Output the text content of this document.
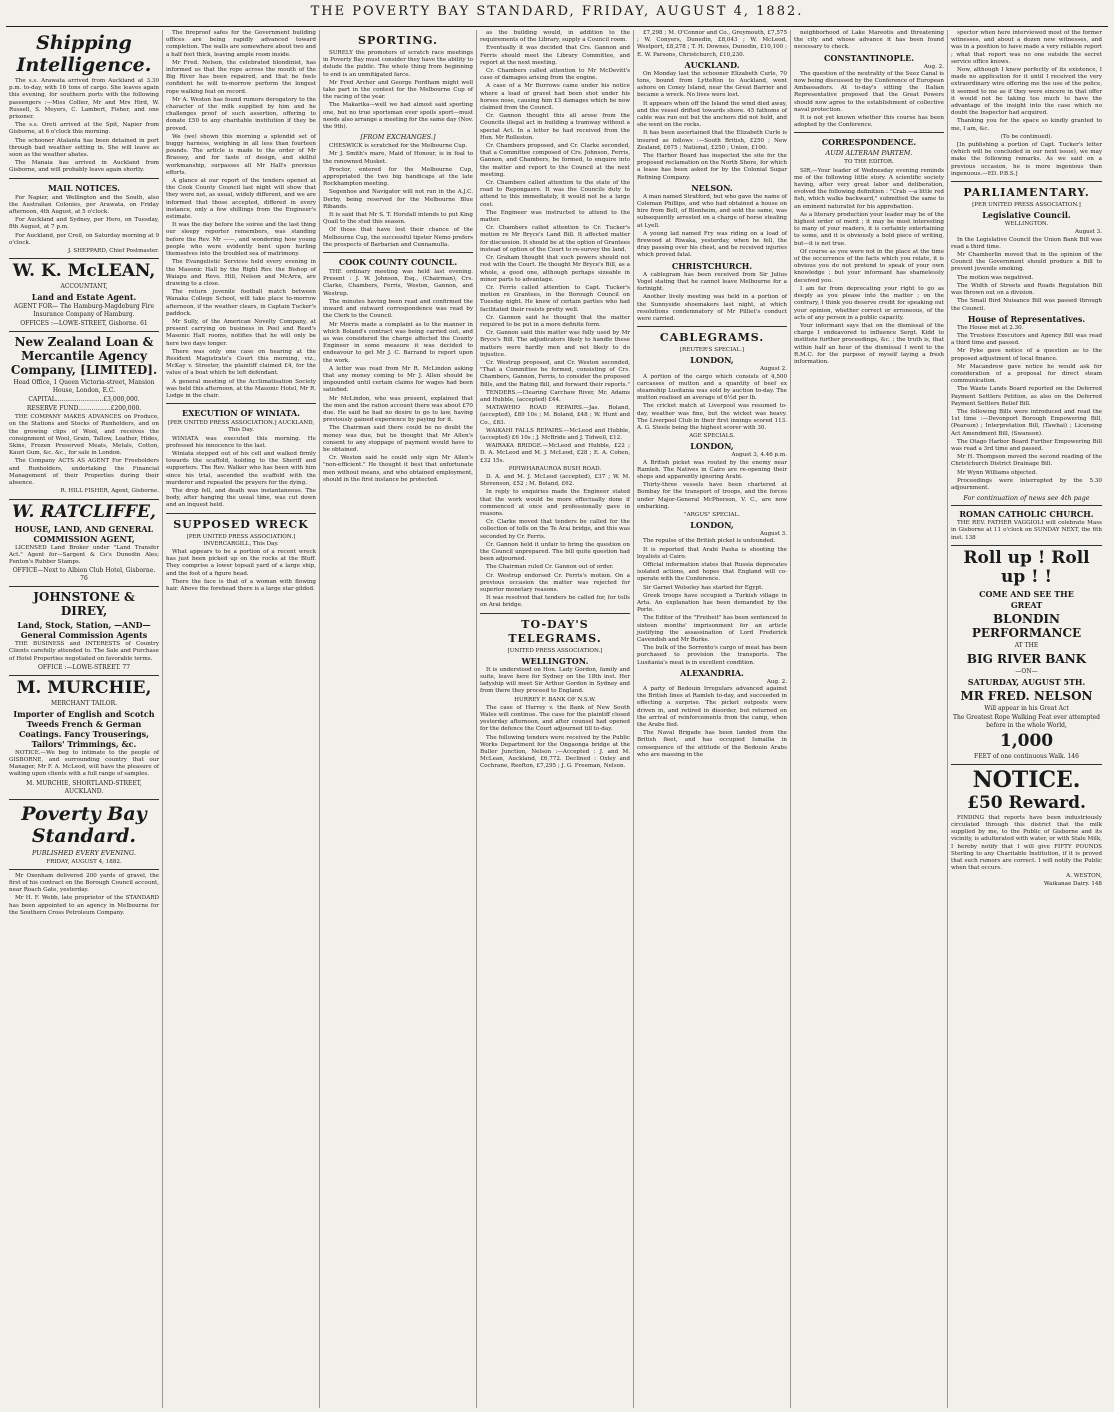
THE POVERTY BAY STANDARD, FRIDAY, AUGUST 4, 1882.
Shipping Intelligence.

The s.s. Arawata arrived from Auckland at 3.30 p.m. to-day, with 16 tons of cargo. She leaves again this evening, for southern ports with the following passengers :—Miss Collier, Mr and Mrs Hird, W. Russell, S. Meyers, C. Lambert, Fisher, and one prisoner.

The s.s. Oreti arrived at the Spit, Napier from Gisborne, at 6 o'clock this morning.

The schooner Atalanta has been detained in port through bad weather setting in. She will leave as soon as the weather abates.

The Manaia has arrived in Auckland from Gisborne, and will probably leave again shortly.

MAIL NOTICES.

For Napier, and Wellington and the South, also the Australian Colonies, per Arawata, on Friday afternoon, 4th August, at 5 o'clock.

For Auckland and Sydney, per Hero, on Tuesday, 8th August, at 7 p.m.

For Auckland, per Creil, on Saturday morning at 9 o'clock.

J. SHEPPARD, Chief Postmaster.
W. K. McLEAN,
ACCOUNTANT,
Land and Estate Agent.
AGENT FOR— The Hamburg-Magdeburg Fire Insurance Company of Hamburg.
OFFICES :—LOWE-STREET, Gisborne. 61
New Zealand Loan & Mercantile Agency Company, [LIMITED].
Head Office, 1 Queen Victoria-street, Mansion House, London, E.C.
CAPITAL.........................£3,000,000.
RESERVE FUND.................£200,000.

THE COMPANY MAKES ADVANCES on Produce, on the Stations and Stocks of Runholders, and on the growing clips of Wool, and receives the consignment of Wool, Grain, Tallow, Leather, Hides, Skins, Frozen Preserved Meats, Metals, Cotton, Kauri Gum, &c. &c., for sale in London.

The Company ACTS AS AGENT For Freeholders and Runholders, undertaking the Financial Management of their Properties during their absence.

R. HILL FISHER, Agent, Gisborne.
W. RATCLIFFE,
HOUSE, LAND, AND GENERAL COMMISSION AGENT,

LICENSED Land Broker under "Land Transfer Act." Agent for—Sargent & Co's Dunedin Ales; Fenton's Rubber Stamps.

OFFICE—Next to Albion Club Hotel, Gisborne. 76
JOHNSTONE & DIREY,
Land, Stock, Station, —AND— General Commission Agents

THE BUSINESS and INTERESTS of Country Clients carefully attended to. The Sale and Purchase of Hotel Properties negotiated on favorable terms.

OFFICE :—LOWE-STREET. 77
M. MURCHIE,
MERCHANT TAILOR.
Importer of English and Scotch Tweeds French & German Coatings. Fancy Trouserings, Tailors' Trimmings, &c.

NOTICE.—We beg to intimate to the people of GISBORNE, and surrounding country that our Manager, Mr F. A. McLeod, will have the pleasure of waiting upon clients with a full range of samples.

M. MURCHIE, SHORTLAND-STREET, AUCKLAND.
Poverty Bay Standard.
PUBLISHED EVERY EVENING.
FRIDAY, AUGUST 4, 1882.

Mr Oxenham delivered 200 yards of gravel, the first of his contract on the Borough Council account, near Roach Gate, yesterday.

Mr H. F. Webb, late proprietor of the STANDARD has been appointed to an agency in Melbourne for the Southern Cross Petroleum Company.

The fireproof safes for the Government building offices are being rapidly advanced toward completion. The walls are somewhere about two and a half feet thick, leaving ample room inside.

Mr Fred. Nelson, the celebrated blondinist, has informed us that the rope across the mouth of the Big River has been repaired, and that he feels confident he will to-morrow perform the longest rope walking feat on record.

Mr A. Weston has found rumors derogatory to the character of the milk supplied by him and he challenges proof of such assertion, offering to donate £50 to any charitable institution if they be proved.

We (we) shown this morning a splendid set of buggy harness, weighing in all less than fourteen pounds. The article is made to the order of Mr Brassey, and for taste of design, and skilful workmanship, surpasses all Mr Hall's previous efforts.

A glance at our report of the tenders opened at the Cook County Council last night will show that they were not, as usual, widely different, and we are informed that those accepted, differed in every instance, only a few shillings from the Engineer's estimate.

It was the day before the soiree and the last thing our sleepy reporter remembers, was standing before the Rev. Mr ——, and wondering how young people who were evidently bent upon hurling themselves into the troubled sea of matrimony.

The Evangelistic Services held every evening in the Masonic Hall by the Right Rev. the Bishop of Waiapu and Revs. Hill, Nelson and McArra, are drawing to a close.

The return juvenile football match between Wanaka College School, will take place to-morrow afternoon, if the weather clears, in Captain Tucker's paddock.

Mr Sully, of the American Novelty Company, at present carrying on business in Peel and Reed's Masonic Hall rooms, notifies that he will only be here two days longer.

There was only one case on hearing at the Resident Magistrate's Court this morning, viz., McKay v. Streeter, the plaintiff claimed £4, for the value of a boat which he left defendant.

A general meeting of the Acclimatisation Society was held this afternoon, at the Masonic Hotel, Mr R. Lodge in the chair.

EXECUTION OF WINIATA.
[PER UNITED PRESS ASSOCIATION.] AUCKLAND, This Day.

WINIATA was executed this morning. He professed his innocence to the last.

Winiata stepped out of his cell and walked firmly towards the scaffold, holding to the Sheriff and supporters. The Rev. Walker who has been with him since his trial, ascended the scaffold with the murderer and repeated the prayers for the dying.

The drop fell, and death was instantaneous. The body, after hanging the usual time, was cut down and an inquest held.

SUPPOSED WRECK
[PER UNITED PRESS ASSOCIATION.] INVERCARGILL, This Day.

What appears to be a portion of a recent wreck has just been picked up on the rocks at the Bluff. They comprise a lower topsail yard of a large ship, and the foot of a figure head.

There the face is that of a woman with flowing hair. Above the forehead there is a large star gilded.

SPORTING.

SURELY the promoters of scratch race meetings in Poverty Bay must consider they have the ability to delude the public. The whole thing from beginning to end is an unmitigated farce.

Mr Fred Archer and George Fordham might well take part in the contest for the Melbourne Cup of the racing of the year.

The Makarika—well we had almost said sporting one, but no true sportsman ever spoils sport—must needs also arrange a meeting for the same day (Nov. the 9th).

[FROM EXCHANGES.]

CHESWICK is scratched for the Melbourne Cup.

Mr J. Smith's mare, Maid of Honour, is in foal to the renowned Musket.

Proctor, entered for the Melbourne Cup, appropriated the two big handicaps at the late Rockhampton meeting.

Segenhoe and Navigator will not run in the A.J.C. Derby, being reserved for the Melbourne Blue Ribands.

It is said that Mr S. T. Horsfall intends to put King Quail to the stud this season.

Of those that have lost their chance of the Melbourne Cup, the successful tipster Nemo prefers the prospects of Barbarian and Cunnamulla.

COOK COUNTY COUNCIL.

THE ordinary meeting was held last evening. Present : J. W. Johnson, Esq., (Chairman), Crs. Clarke, Chambers, Ferris, Weston, Gannon, and Westrup.

The minutes having been read and confirmed the inward and outward correspondence was read by the Clerk to the Council.

Mr Morris made a complaint as to the manner in which Boland's contract was being carried out, and as was considered the charge affected the County Engineer in some measure it was decided to endeavour to get Mr J. C. Barrand to report upon the work.

A letter was read from Mr R. McLindon asking that any money coming to Mr J. Allen should be impounded until certain claims for wages had been satisfied.

Mr McLindon, who was present, explained that the men and the ration account there was about £70 due. He said he had no desire to go to law, having previously gained experience by paying for it.

The Chairman said there could be no doubt the money was due, but he thought that Mr Allen's consent to any stoppage of payment would have to be obtained.

Cr. Weston said he could only sign Mr Allen's "non-efficient." He thought it best that unfortunate men without means, and who obtained employment, should in the first instance be protected.

as the building would, in addition to the requirements of the Library, supply a Council room.

Eventually it was decided that Crs. Gannon and Ferris should meet the Library Committee, and report at the next meeting.

Cr. Chambers called attention to Mr McDevitt's case of damages arising from the engine.

A case of a Mr Burrows came under his notice where a load of gravel had been shot under his horses nose, causing him £3 damages which he now claimed from the Council.

Cr. Gannon thought this all arose from the Councils illegal act in building a tramway without a special Act. In a letter he had received from the Hon. Mr Rolleston.

Cr. Chambers proposed, and Cr. Clarke seconded, that a Committee composed of Crs. Johnson, Ferris, Gannon, and Chambers, be formed, to enquire into the matter and report to the Council at the next meeting.

Cr. Chambers called attention to the state of the road to Repongaere. It was the Councils duty to attend to this immediately, it would not be a large cost.

The Engineer was instructed to attend to the matter.

Cr. Chambers called attention to Cr. Tucker's motion re Mr Bryce's Land Bill. It affected matter for discussion. It should be at the option of Grantees instead of option of the Court to re-survey the land.

Cr. Graham thought that such powers should not rest with the Court. He thought Mr Bryce's Bill, as a whole, a good one, although perhaps sizeable in minor parts to advantage.

Cr. Ferris called attention to Capt. Tucker's motion re Grantees, in the Borough Council on Tuesday night. He knew of certain parties who had facilitated their resists pretty well.

Cr. Gannon said he thought that the matter required to be put in a more definite form.

Cr. Gannon said this matter was fully used by Mr Bryce's Bill. The adjudicators likely to handle these matters were hardly men and not likely to do injustice.

Cr. Westrup proposed, and Cr. Weston seconded, "That a Committee be formed, consisting of Crs. Chambers, Gannon, Ferris, to consider the proposed Bills, and the Rating Bill, and forward their reports."

TENDERS.—Clearing Carchaw River, Mr. Adams and Hubble, (accepted) £44.

MATAWHIO ROAD REPAIRS.—Jas. Boland, (accepted), £89 10s ; M. Boland, £48 ; W. Hunt and Co., £83.

WAIKAHI FALLS REPAIRS.—McLeod and Hubble, (accepted) £6 10s ; J. McBride and J. Tidwell, £12.

WAIRAKA BRIDGE.—McLeod and Hubble, £22 ; D. A. McLeod and M. J. McLeod, £28 ; E. A. Cohen, £32 15s.

PIPIWHARAUROA BUSH ROAD.

D. A. and M. J. McLeod (accepted), £37 ; W. M. Stevenson, £52 ; M. Boland, £62.

In reply to enquiries made the Engineer stated that the work would be more effectually done if commenced at once and professionally gave in reasons.

Cr. Clarke moved that tenders be called for the collection of tolls on the Te Arai bridge, and this was seconded by Cr. Ferris.

Cr. Gannon held it unfair to bring the question on the Council unprepared. The bill quite question had been adjourned.

The Chairman ruled Cr. Gannon out of order.

Cr. Westrup endorsed Cr. Ferris's motion. On a previous occasion the matter was rejected for superior monetary reasons.

It was resolved that tenders be called for, for tolls on Arai bridge.

TO-DAY'S TELEGRAMS.
[UNITED PRESS ASSOCIATION.]
WELLINGTON.

It is understood on Hon. Lady Gordon, family and suite, leave here for Sydney on the 18th inst. Her ladyship will meet Sir Arthur Gordon in Sydney and from there they proceed to England.

HURREY F. BANK OF N.S.W.

The case of Hurrey v. the Bank of New South Wales will continue. The case for the plaintiff closed yesterday afternoon, and after counsel had opened for the defence the Court adjourned till to-day.

The following tenders were received by the Public Works Department for the Ongaonga bridge at the Buller Junction, Nelson :—Accepted : J. and M. McLean, Auckland, £6,772. Declined : Oxley and Cochrane, Reefton, £7,295 ; J. G. Freeman, Nelson.

£7,298 ; M. O'Connor and Co., Greymouth, £7,575 ; W. Conyers, Dunedin, £8,043 ; W. McLeod, Westport, £8,278 ; T. H. Downes, Dunedin, £10,100 ; E. W. Parsons, Christchurch, £10,230.

AUCKLAND.

On Monday last the schooner Elizabeth Curle, 70 tons, bound from Lyttelton to Auckland, went ashore on Coney Island, near the Great Barrier and became a wreck. No lives were lost.

It appears when off the Island the wind died away, and the vessel drifted towards shore. 45 fathoms of cable was run out but the anchors did not hold, and she went on the rocks.

It has been ascertained that the Elizabeth Curle is insured as follows :—South British, £250 ; New Zealand, £675 ; National, £250 ; Union, £100.

The Harbor Board has inspected the site for the proposed reclamation on the North Shore, for which a lease has been asked for by the Colonial Sugar Refining Company.

NELSON.

A man named Stratford, but who gave the name of Coleman Phillips, and who had obtained a house on hire from Bell, of Blenheim, and sold the same, was subsequently arrested on a charge of horse stealing at Lyell.

A young lad named Fry was riding on a load of firewood at Riwaka, yesterday, when he fell, the dray passing over his chest, and he received injuries which proved fatal.

CHRISTCHURCH.

A cablegram has been received from Sir Julius Vogel stating that he cannot leave Melbourne for a fortnight.

Another lively meeting was held in a portion of the Sunnyside shoemakers last night, at which resolutions condemnatory of Mr Pilliet's conduct were carried.

CABLEGRAMS.
[REUTER'S SPECIAL.]
LONDON,
August 2.

A portion of the cargo which consists of 4,500 carcasses of mutton and a quantity of beef ex steamship Lusitania was sold by auction to-day. The mutton realised an average of 6½d per lb.

The cricket match at Liverpool was resumed to-day, weather was fine, but the wicket was heavy. The Liverpool Club in their first innings scored 113. A. G. Steele being the highest scorer with 30.

AGE SPECIALS.
LONDON,
August 3, 4.46 p.m.

A British picket was routed by the enemy near Ramleh. The Natives in Cairo are re-opening their shops and apparently ignoring Arabi.

Thirty-three vessels have been chartered at Bombay for the transport of troops, and the forces under Major-General McPherson, V. C., are now embarking.

"ARGUS" SPECIAL.
LONDON,
August 3.

The repulse of the British picket is unfounded.

It is reported that Arabi Pasha is shooting the loyalists at Cairo.

Official information states that Russia deprecates isolated actions, and hopes that England will co-operate with the Conference.

Sir Garnet Wolseley has started for Egypt.

Greek troops have occupied a Turkish village in Arta. An explanation has been demanded by the Porte.

The Editor of the "Freiheit" has been sentenced to sixteen months' imprisonment for an article justifying the assassination of Lord Frederick Cavendish and Mr Burke.

The bulk of the Sorrento's cargo of meat has been purchased to provision the transports. The Lusitania's meat is in excellent condition.

ALEXANDRIA.
Aug. 2.

A party of Bedouin Irregulars advanced against the British lines at Ramleh to-day, and succeeded in effecting a surprise. The picket outposts were driven in, and retired in disorder, but returned on the arrival of reinforcements from the camp, when the Arabs fled.

The Naval Brigade has been landed from the British fleet, and has occupied Ismailia in consequence of the attitude of the Bedouin Arabs who are massing in the

neighborhood of Lake Mareotis and threatening the city and whose advance it has been found necessary to check.

CONSTANTINOPLE.
Aug. 2.

The question of the neutrality of the Suez Canal is now being discussed by the Conference of European Ambassadors. At to-day's sitting the Italian Representative proposed that the Great Powers should now agree to the establishment of collective naval protection.

It is not yet known whether this course has been adopted by the Conference.

CORRESPONDENCE.
AUDI ALTERAM PARTEM.
TO THE EDITOR.

SIR,—Your leader of Wednesday evening reminds me of the following little story. A scientific society having, after very great labor and deliberation, evolved the following definition : "Crab —a little red fish, which walks backward," submitted the same to an eminent naturalist for his approbation.

As a literary production your leader may be of the highest order of merit ; it may be most interesting to many of your readers, it is certainly entertaining to some, and it is obviously a bold piece of writing, but—it is not true.

Of course as you were not in the place at the time of the occurrence of the facts which you relate, it is obvious you do not pretend to speak of your own knowledge ; but your informant has shamelessly deceived you.

I am far from deprecating your right to go as deeply as you please into the matter ; on the contrary, I think you deserve credit for speaking out your opinion, whether correct or erroneous, of the acts of any person in a public capacity.

Your informant says that on the dismissal of the charge I endeavored to influence Sergt. Kidd to institute further proceedings, &c. ; the truth is, that within half an hour of the dismissal I went to the R.M.C. for the purpose of myself laying a fresh information.

spector when here interviewed most of the former witnesses, and about a dozen new witnesses, and was in a position to have made a very reliable report ; what that report was no one outside the secret service office knows.

Now, although I knew perfectly of its existence, I made no application for it until I received the very extraordinary wire offering me the use of the police, it seemed to me as if they were sincere in that offer it would not be taking too much to have the advantage of the insight into the case which no doubt the Inspector had acquired.

Thanking you for the space so kindly granted to me, I am, &c.

(To be continued).

[In publishing a portion of Capt. Tucker's letter (which will be concluded in our next issue), we may make the following remarks. As we said on a previous occasion, he is more ingenious than ingenuous.—ED. P.B.S.]

PARLIAMENTARY.
[PER UNITED PRESS ASSOCIATION.]
Legislative Council.
WELLINGTON.
August 3.

In the Legislative Council the Union Bank Bill was read a third time.

Mr Chamberlin moved that in the opinion of the Council the Government should produce a Bill to prevent juvenile smoking.

The motion was negatived.

The Width of Streets and Roads Regulation Bill was thrown out on a division.

The Small Bird Nuisance Bill was passed through the Council.

House of Representatives.

The House met at 2.30.

The Trustees Executors and Agency Bill was read a third time and passed.

Mr Pyke gave notice of a question as to the proposed adjustment of local finance.

Mr Macandrew gave notice he would ask for consideration of a proposal for direct steam communication.

The Waste Lands Board reported on the Deferred Payment Settlers Petition, as also on the Deferred Payment Settlers Relief Bill.

The following Bills were introduced and read the 1st time :—Devonport Borough Empowering Bill, (Pearson) ; Interpretation Bill, (Tawhai) ; Licensing Act Amendment Bill, (Swanson).

The Otago Harbor Board Further Empowering Bill was read a 3rd time and passed.

Mr H. Thompson moved the second reading of the Christchurch District Drainage Bill.

Mr Wynn Williams objected.

Proceedings were interrupted by the 5.30 adjournment.

For continuation of news see 4th page
ROMAN CATHOLIC CHURCH.

THE REV. FATHER VAGGIOLI will celebrate Mass in Gisborne at 11 o'clock on SUNDAY NEXT, the 6th inst. 138

Roll up ! Roll up ! !
COME AND SEE THE
GREAT
BLONDIN PERFORMANCE
AT THE
BIG RIVER BANK
—ON—
SATURDAY, AUGUST 5TH.
MR FRED. NELSON
Will appear in his Great Act
The Greatest Rope Walking Feat ever attempted before in the whole World,
1,000
FEET of one continuous Walk. 146
NOTICE.
£50 Reward.

FINDING that reports have been industriously circulated through this district that the milk supplied by me, to the Public of Gisborne and its vicinity, is adulterated with water, or with Stale Milk, I hereby notify that I will give FIFTY POUNDS Sterling to any Charitable Institution, if it is proved that such rumors are correct. I will notify the Public when that occurs.

A. WESTON,
Waikanae Dairy. 148
